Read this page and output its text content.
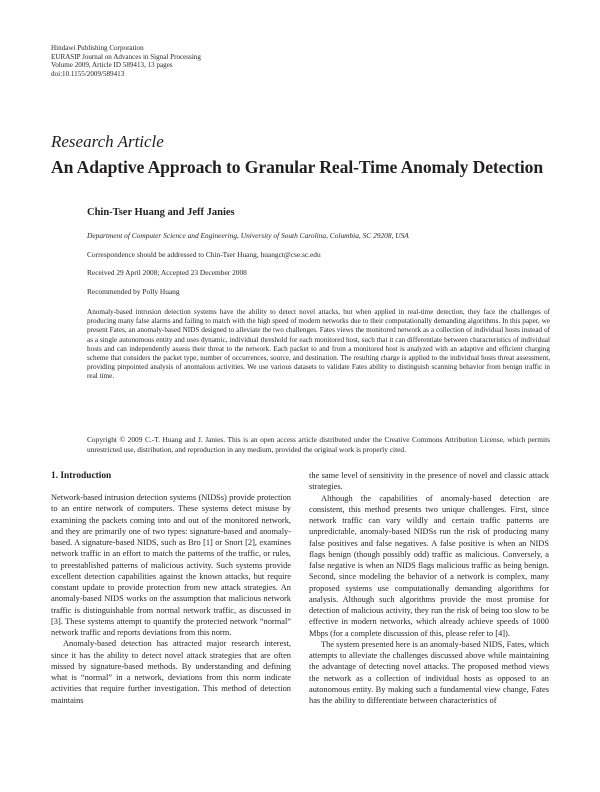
Hindawi Publishing Corporation
EURASIP Journal on Advances in Signal Processing
Volume 2009, Article ID 589413, 13 pages
doi:10.1155/2009/589413
Research Article
An Adaptive Approach to Granular Real-Time Anomaly Detection
Chin-Tser Huang and Jeff Janies
Department of Computer Science and Engineering, University of South Carolina, Columbia, SC 29208, USA
Correspondence should be addressed to Chin-Tser Huang, huangct@cse.sc.edu
Received 29 April 2008; Accepted 23 December 2008
Recommended by Polly Huang
Anomaly-based intrusion detection systems have the ability to detect novel attacks, but when applied in real-time detection, they face the challenges of producing many false alarms and failing to match with the high speed of modern networks due to their computationally demanding algorithms. In this paper, we present Fates, an anomaly-based NIDS designed to alleviate the two challenges. Fates views the monitored network as a collection of individual hosts instead of as a single autonomous entity and uses dynamic, individual threshold for each monitored host, such that it can differentiate between characteristics of individual hosts and can independently assess their threat to the network. Each packet to and from a monitored host is analyzed with an adaptive and efficient charging scheme that considers the packet type, number of occurrences, source, and destination. The resulting charge is applied to the individual hosts threat assessment, providing pinpointed analysis of anomalous activities. We use various datasets to validate Fates ability to distinguish scanning behavior from benign traffic in real time.
Copyright © 2009 C.-T. Huang and J. Janies. This is an open access article distributed under the Creative Commons Attribution License, which permits unrestricted use, distribution, and reproduction in any medium, provided the original work is properly cited.
1. Introduction

Network-based intrusion detection systems (NIDSs) provide protection to an entire network of computers. These systems detect misuse by examining the packets coming into and out of the monitored network, and they are primarily one of two types: signature-based and anomaly-based. A signature-based NIDS, such as Bro [1] or Snort [2], examines network traffic in an effort to match the patterns of the traffic, or rules, to preestablished patterns of malicious activity. Such systems provide excellent detection capabilities against the known attacks, but require constant update to provide protection from new attack strategies. An anomaly-based NIDS works on the assumption that malicious network traffic is distinguishable from normal network traffic, as discussed in [3]. These systems attempt to quantify the protected network “normal” network traffic and reports deviations from this norm.

Anomaly-based detection has attracted major research interest, since it has the ability to detect novel attack strategies that are often missed by signature-based methods. By understanding and defining what is “normal” in a network, deviations from this norm indicate activities that require further investigation. This method of detection maintains

the same level of sensitivity in the presence of novel and classic attack strategies.

Although the capabilities of anomaly-based detection are consistent, this method presents two unique challenges. First, since network traffic can vary wildly and certain traffic patterns are unpredictable, anomaly-based NIDSs run the risk of producing many false positives and false negatives. A false positive is when an NIDS flags benign (though possibly odd) traffic as malicious. Conversely, a false negative is when an NIDS flags malicious traffic as being benign. Second, since modeling the behavior of a network is complex, many proposed systems use computationally demanding algorithms for analysis. Although such algorithms provide the most promise for detection of malicious activity, they run the risk of being too slow to be effective in modern networks, which already achieve speeds of 1000 Mbps (for a complete discussion of this, please refer to [4]).

The system presented here is an anomaly-based NIDS, Fates, which attempts to alleviate the challenges discussed above while maintaining the advantage of detecting novel attacks. The proposed method views the network as a collection of individual hosts as opposed to an autonomous entity. By making such a fundamental view change, Fates has the ability to differentiate between characteristics of
